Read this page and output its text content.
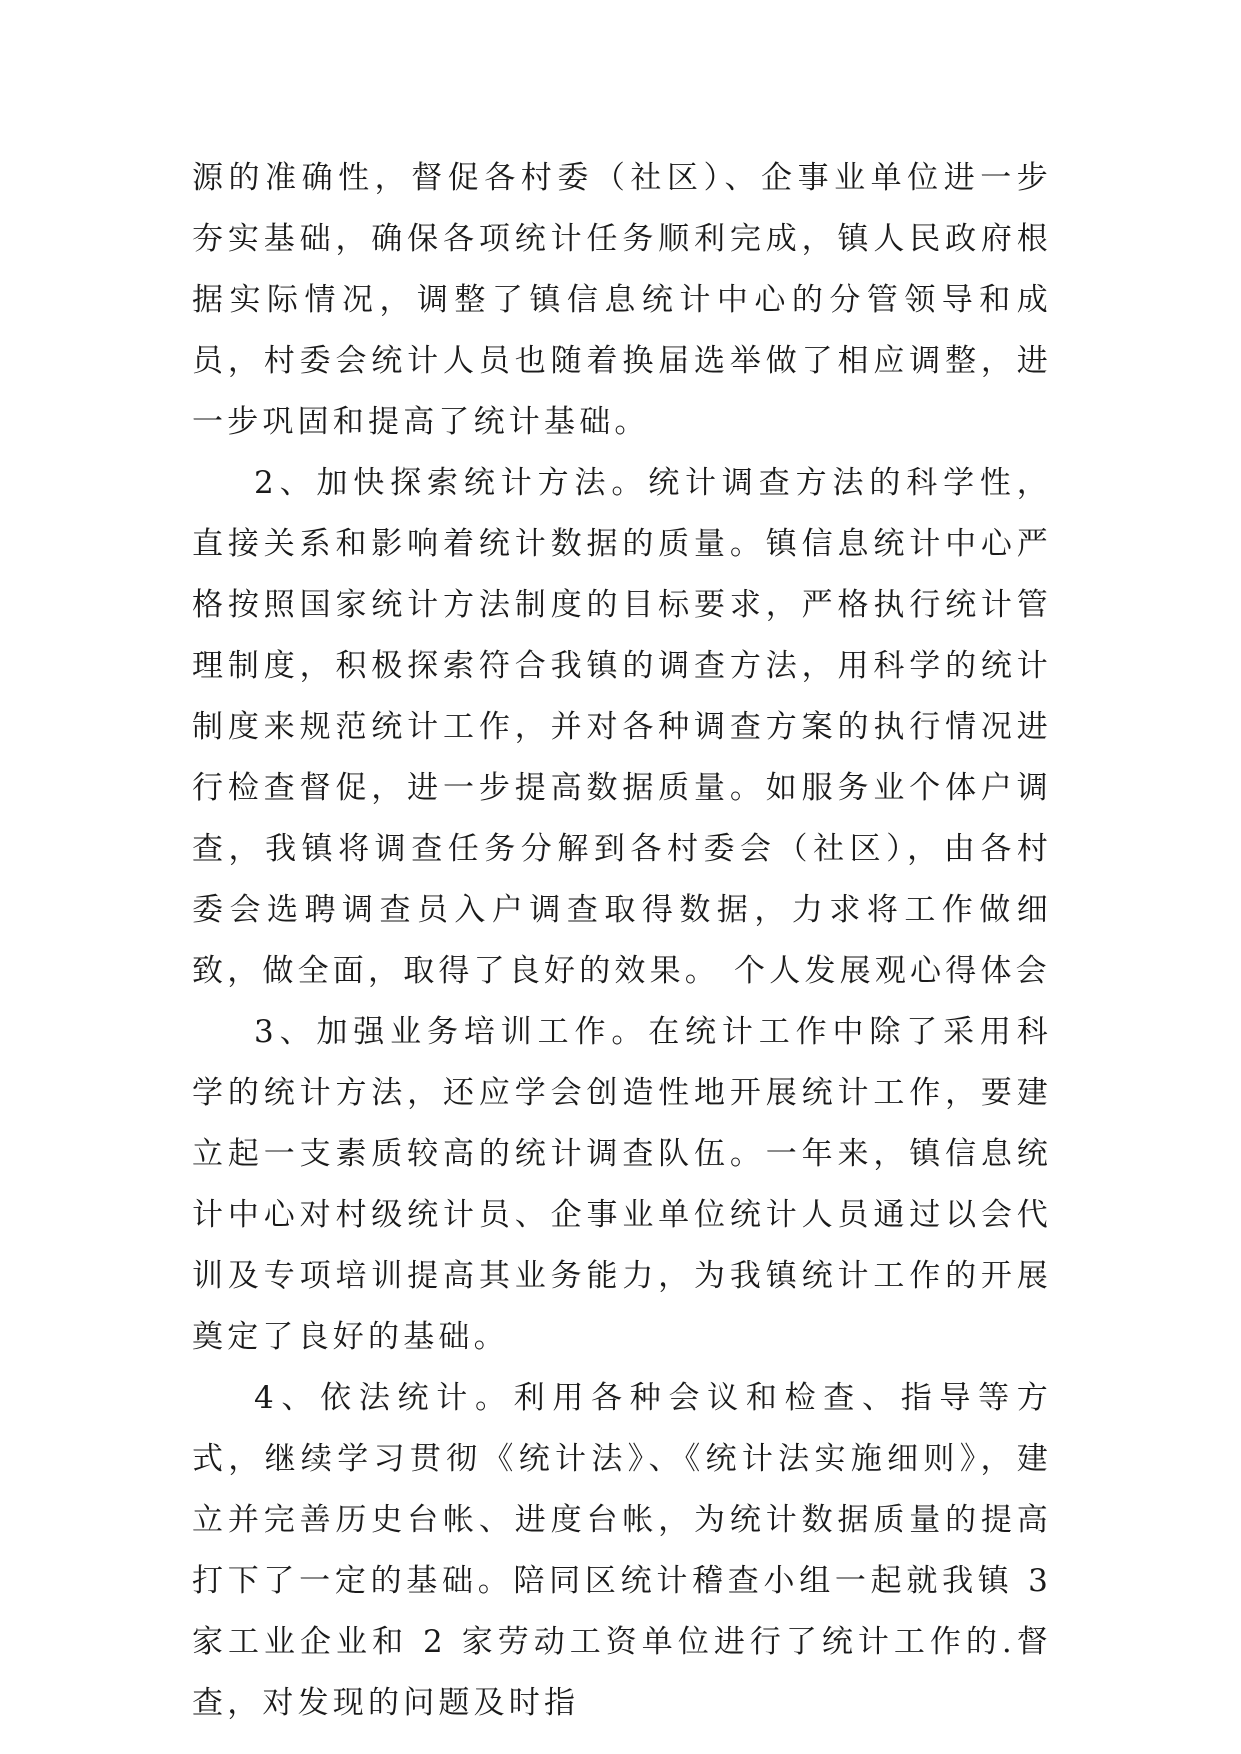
源的准确性，督促各村委（社区）、企事业单位进一步夯实基础，确保各项统计任务顺利完成，镇人民政府根据实际情况，调整了镇信息统计中心的分管领导和成员，村委会统计人员也随着换届选举做了相应调整，进一步巩固和提高了统计基础。

2、加快探索统计方法。统计调查方法的科学性，直接关系和影响着统计数据的质量。镇信息统计中心严格按照国家统计方法制度的目标要求，严格执行统计管理制度，积极探索符合我镇的调查方法，用科学的统计制度来规范统计工作，并对各种调查方案的执行情况进行检查督促，进一步提高数据质量。如服务业个体户调查，我镇将调查任务分解到各村委会（社区），由各村委会选聘调查员入户调查取得数据，力求将工作做细致，做全面，取得了良好的效果。 个人发展观心得体会

3、加强业务培训工作。在统计工作中除了采用科学的统计方法，还应学会创造性地开展统计工作，要建立起一支素质较高的统计调查队伍。一年来，镇信息统计中心对村级统计员、企事业单位统计人员通过以会代训及专项培训提高其业务能力，为我镇统计工作的开展奠定了良好的基础。

4、依法统计。利用各种会议和检查、指导等方式，继续学习贯彻《统计法》、《统计法实施细则》，建立并完善历史台帐、进度台帐，为统计数据质量的提高打下了一定的基础。陪同区统计稽查小组一起就我镇 3 家工业企业和 2 家劳动工资单位进行了统计工作的.督查，对发现的问题及时指
